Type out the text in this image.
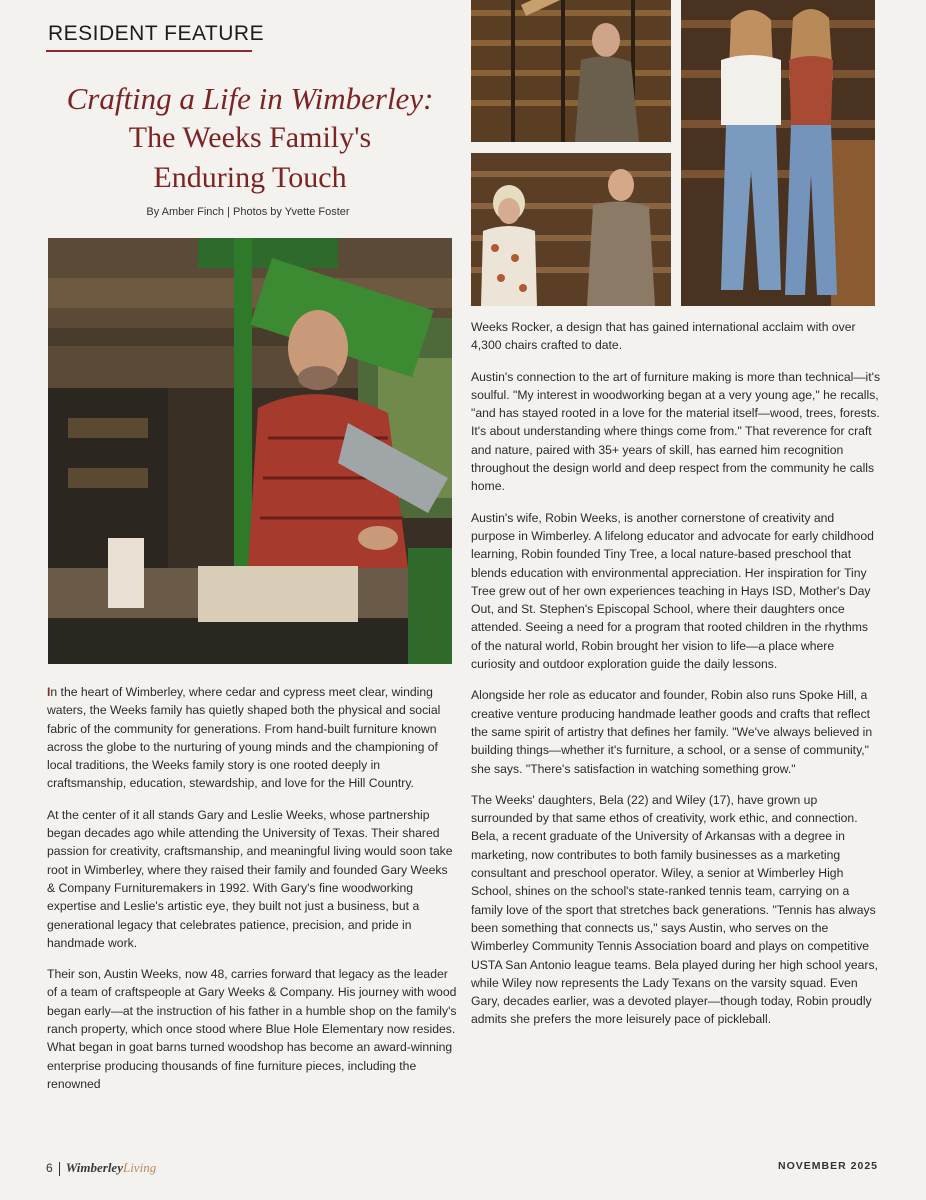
RESIDENT FEATURE
Crafting a Life in Wimberley:
The Weeks Family's
Enduring Touch
By Amber Finch | Photos by Yvette Foster

In the heart of Wimberley, where cedar and cypress meet clear, winding waters, the Weeks family has quietly shaped both the physical and social fabric of the community for generations. From hand-built furniture known across the globe to the nurturing of young minds and the championing of local traditions, the Weeks family story is one rooted deeply in craftsmanship, education, stewardship, and love for the Hill Country.

At the center of it all stands Gary and Leslie Weeks, whose partnership began decades ago while attending the University of Texas. Their shared passion for creativity, craftsmanship, and meaningful living would soon take root in Wimberley, where they raised their family and founded Gary Weeks & Company Furnituremakers in 1992. With Gary's fine woodworking expertise and Leslie's artistic eye, they built not just a business, but a generational legacy that celebrates patience, precision, and pride in handmade work.

Their son, Austin Weeks, now 48, carries forward that legacy as the leader of a team of craftspeople at Gary Weeks & Company. His journey with wood began early—at the instruction of his father in a humble shop on the family's ranch property, which once stood where Blue Hole Elementary now resides. What began in goat barns turned woodshop has become an award-winning enterprise producing thousands of fine furniture pieces, including the renowned

Weeks Rocker, a design that has gained international acclaim with over 4,300 chairs crafted to date.

Austin's connection to the art of furniture making is more than technical—it's soulful. "My interest in woodworking began at a very young age," he recalls, "and has stayed rooted in a love for the material itself—wood, trees, forests. It's about understanding where things come from." That reverence for craft and nature, paired with 35+ years of skill, has earned him recognition throughout the design world and deep respect from the community he calls home.

Austin's wife, Robin Weeks, is another cornerstone of creativity and purpose in Wimberley. A lifelong educator and advocate for early childhood learning, Robin founded Tiny Tree, a local nature-based preschool that blends education with environmental appreciation. Her inspiration for Tiny Tree grew out of her own experiences teaching in Hays ISD, Mother's Day Out, and St. Stephen's Episcopal School, where their daughters once attended. Seeing a need for a program that rooted children in the rhythms of the natural world, Robin brought her vision to life—a place where curiosity and outdoor exploration guide the daily lessons.

Alongside her role as educator and founder, Robin also runs Spoke Hill, a creative venture producing handmade leather goods and crafts that reflect the same spirit of artistry that defines her family. "We've always believed in building things—whether it's furniture, a school, or a sense of community," she says. "There's satisfaction in watching something grow."

The Weeks' daughters, Bela (22) and Wiley (17), have grown up surrounded by that same ethos of creativity, work ethic, and connection. Bela, a recent graduate of the University of Arkansas with a degree in marketing, now contributes to both family businesses as a marketing consultant and preschool operator. Wiley, a senior at Wimberley High School, shines on the school's state-ranked tennis team, carrying on a family love of the sport that stretches back generations. "Tennis has always been something that connects us," says Austin, who serves on the Wimberley Community Tennis Association board and plays on competitive USTA San Antonio league teams. Bela played during her high school years, while Wiley now represents the Lady Texans on the varsity squad. Even Gary, decades earlier, was a devoted player—though today, Robin proudly admits she prefers the more leisurely pace of pickleball.

6 WimberleyLiving	NOVEMBER 2025
